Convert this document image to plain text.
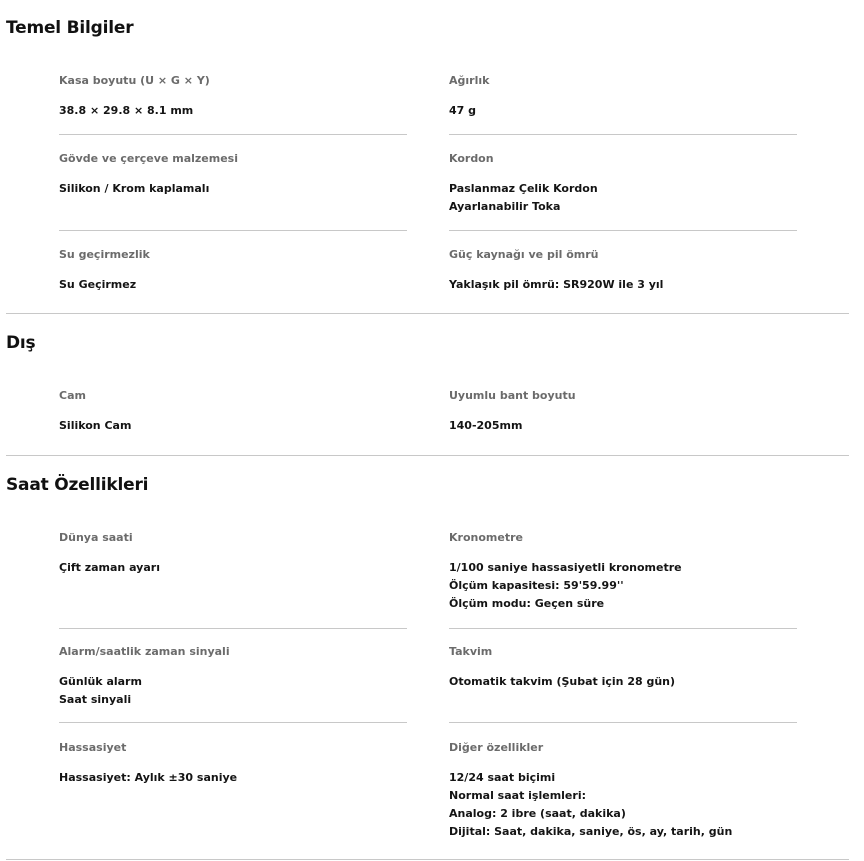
Temel Bilgiler
Kasa boyutu (U × G × Y)
38.8 × 29.8 × 8.1 mm
Ağırlık
47 g
Gövde ve çerçeve malzemesi
Silikon / Krom kaplamalı
Kordon
Paslanmaz Çelik Kordon
Ayarlanabilir Toka
Su geçirmezlik
Su Geçirmez
Güç kaynağı ve pil ömrü
Yaklaşık pil ömrü: SR920W ile 3 yıl
Dış
Cam
Silikon Cam
Uyumlu bant boyutu
140-205mm
Saat Özellikleri
Dünya saati
Çift zaman ayarı
Kronometre
1/100 saniye hassasiyetli kronometre
Ölçüm kapasitesi: 59'59.99''
Ölçüm modu: Geçen süre
Alarm/saatlik zaman sinyali
Günlük alarm
Saat sinyali
Takvim
Otomatik takvim (Şubat için 28 gün)
Hassasiyet
Hassasiyet: Aylık ±30 saniye
Diğer özellikler
12/24 saat biçimi
Normal saat işlemleri:
Analog: 2 ibre (saat, dakika)
Dijital: Saat, dakika, saniye, ös, ay, tarih, gün
